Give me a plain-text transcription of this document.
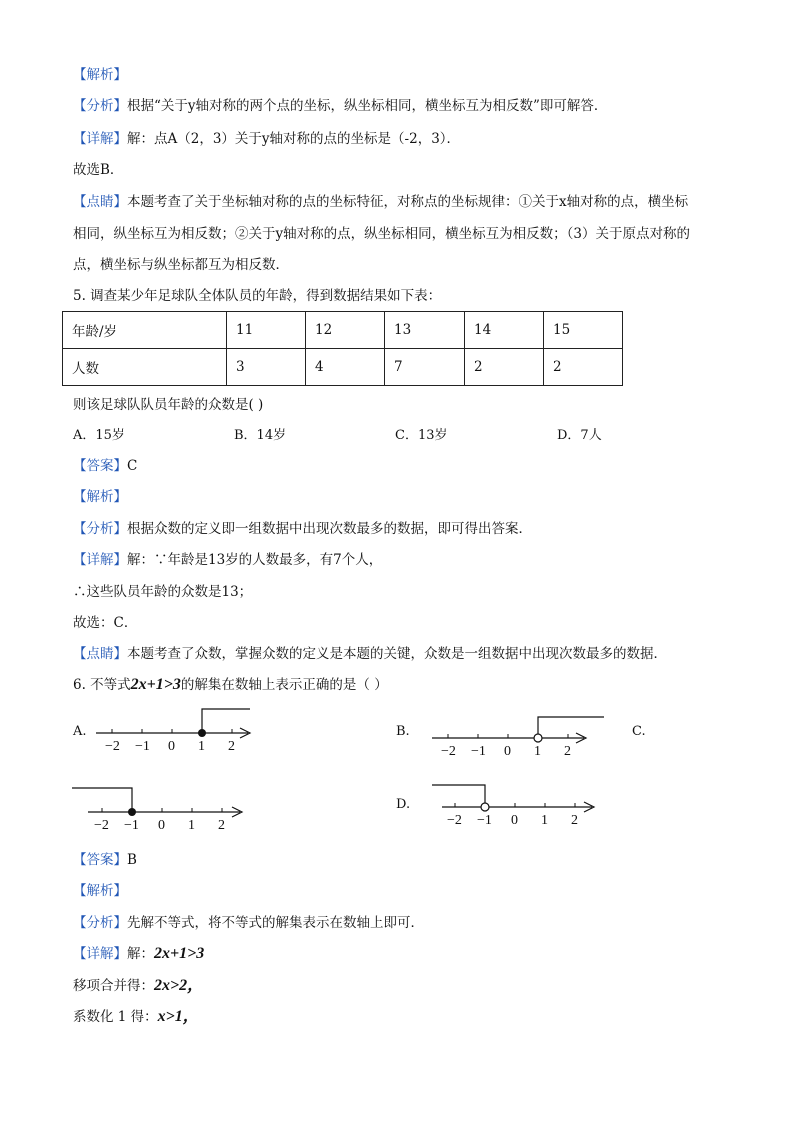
【解析】
【分析】根据“关于y轴对称的两个点的坐标，纵坐标相同，横坐标互为相反数”即可解答．
【详解】解：点A（2，3）关于y轴对称的点的坐标是（-2，3）．
故选B．
【点睛】本题考查了关于坐标轴对称的点的坐标特征，对称点的坐标规律：①关于x轴对称的点，横坐标
相同，纵坐标互为相反数；②关于y轴对称的点，纵坐标相同，横坐标互为相反数；（3）关于原点对称的
点，横坐标与纵坐标都互为相反数．
5. 调查某少年足球队全体队员的年龄，得到数据结果如下表：
年龄/岁	11	12	13	14	15
人数	3	4	7	2	2
则该足球队队员年龄的众数是( )
A．15岁	B．14岁	C．13岁	D．7人
【答案】C
【解析】
【分析】根据众数的定义即一组数据中出现次数最多的数据，即可得出答案．
【详解】解：∵年龄是13岁的人数最多，有7个人，
∴这些队员年龄的众数是13；
故选：C．
【点睛】本题考查了众数，掌握众数的定义是本题的关键，众数是一组数据中出现次数最多的数据．
6. 不等式2x+1>3的解集在数轴上表示正确的是（ ）
A.	B.	C.
D.
−2 −1 0 1 2	−2 −1 0 1 2
−2 −1 0 1 2	−2 −1 0 1 2
【答案】B
【解析】
【分析】先解不等式，将不等式的解集表示在数轴上即可．
【详解】解：2x+1>3
移项合并得：2x>2，
系数化 1 得：x>1，
